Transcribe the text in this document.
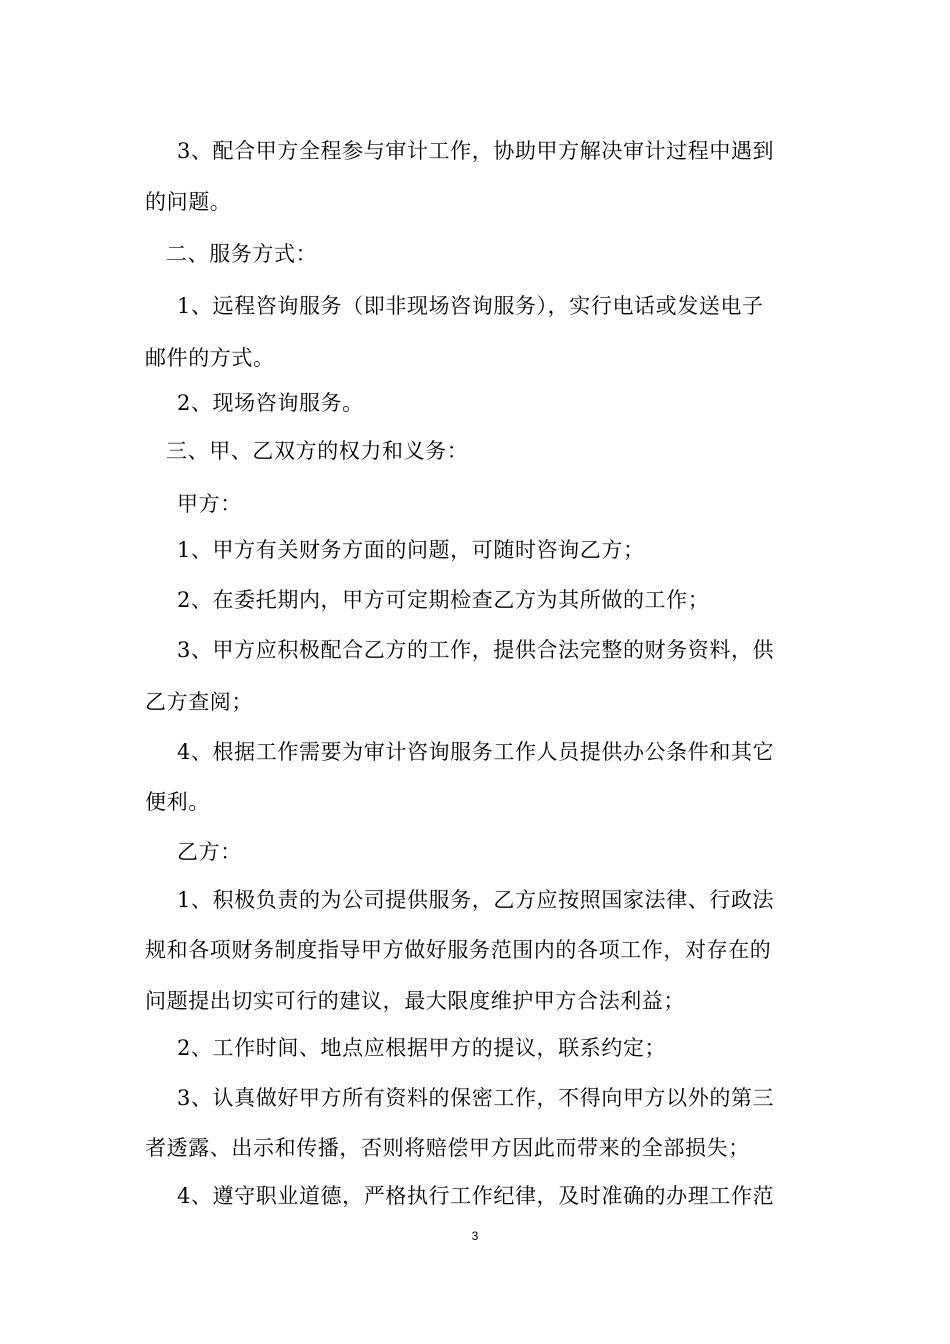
3、配合甲方全程参与审计工作，协助甲方解决审计过程中遇到
的问题。
二、服务方式：
1、远程咨询服务（即非现场咨询服务），实行电话或发送电子
邮件的方式。
2、现场咨询服务。
三、甲、乙双方的权力和义务：
甲方：
1、甲方有关财务方面的问题，可随时咨询乙方；
2、在委托期内，甲方可定期检查乙方为其所做的工作；
3、甲方应积极配合乙方的工作，提供合法完整的财务资料，供
乙方查阅；
4、根据工作需要为审计咨询服务工作人员提供办公条件和其它
便利。
乙方：
1、积极负责的为公司提供服务，乙方应按照国家法律、行政法
规和各项财务制度指导甲方做好服务范围内的各项工作，对存在的
问题提出切实可行的建议，最大限度维护甲方合法利益；
2、工作时间、地点应根据甲方的提议，联系约定；
3、认真做好甲方所有资料的保密工作，不得向甲方以外的第三
者透露、出示和传播，否则将赔偿甲方因此而带来的全部损失；
4、遵守职业道德，严格执行工作纪律，及时准确的办理工作范
3
